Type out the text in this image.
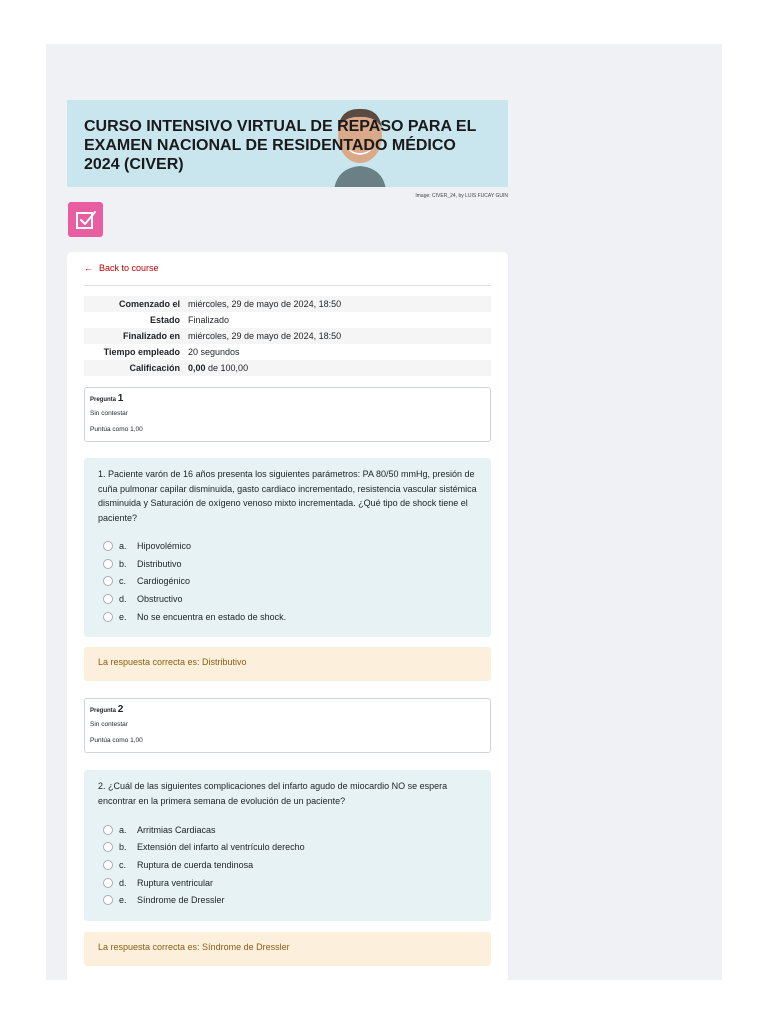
CURSO INTENSIVO VIRTUAL DE REPASO PARA EL EXAMEN NACIONAL DE RESIDENTADO MÉDICO 2024 (CIVER)
Image: CIVER_24, by LUIS FUCAY GUIN
← Back to course
Comenzado el	miércoles, 29 de mayo de 2024, 18:50
Estado	Finalizado
Finalizado en	miércoles, 29 de mayo de 2024, 18:50
Tiempo empleado	20 segundos
Calificación	0,00 de 100,00
Pregunta 1
Sin contestar
Puntúa como 1,00

1. Paciente varón de 16 años presenta los siguientes parámetros: PA 80/50 mmHg, presión de cuña pulmonar capilar disminuida, gasto cardiaco incrementado, resistencia vascular sistémica disminuida y Saturación de oxígeno venoso mixto incrementada. ¿Qué tipo de shock tiene el paciente?

a. Hipovolémico
b. Distributivo
c. Cardiogénico
d. Obstructivo
e. No se encuentra en estado de shock.
La respuesta correcta es: Distributivo
Pregunta 2
Sin contestar
Puntúa como 1,00

2. ¿Cuál de las siguientes complicaciones del infarto agudo de miocardio NO se espera encontrar en la primera semana de evolución de un paciente?

a. Arritmias Cardiacas
b. Extensión del infarto al ventrículo derecho
c. Ruptura de cuerda tendinosa
d. Ruptura ventricular
e. Síndrome de Dressler
La respuesta correcta es: Síndrome de Dressler
